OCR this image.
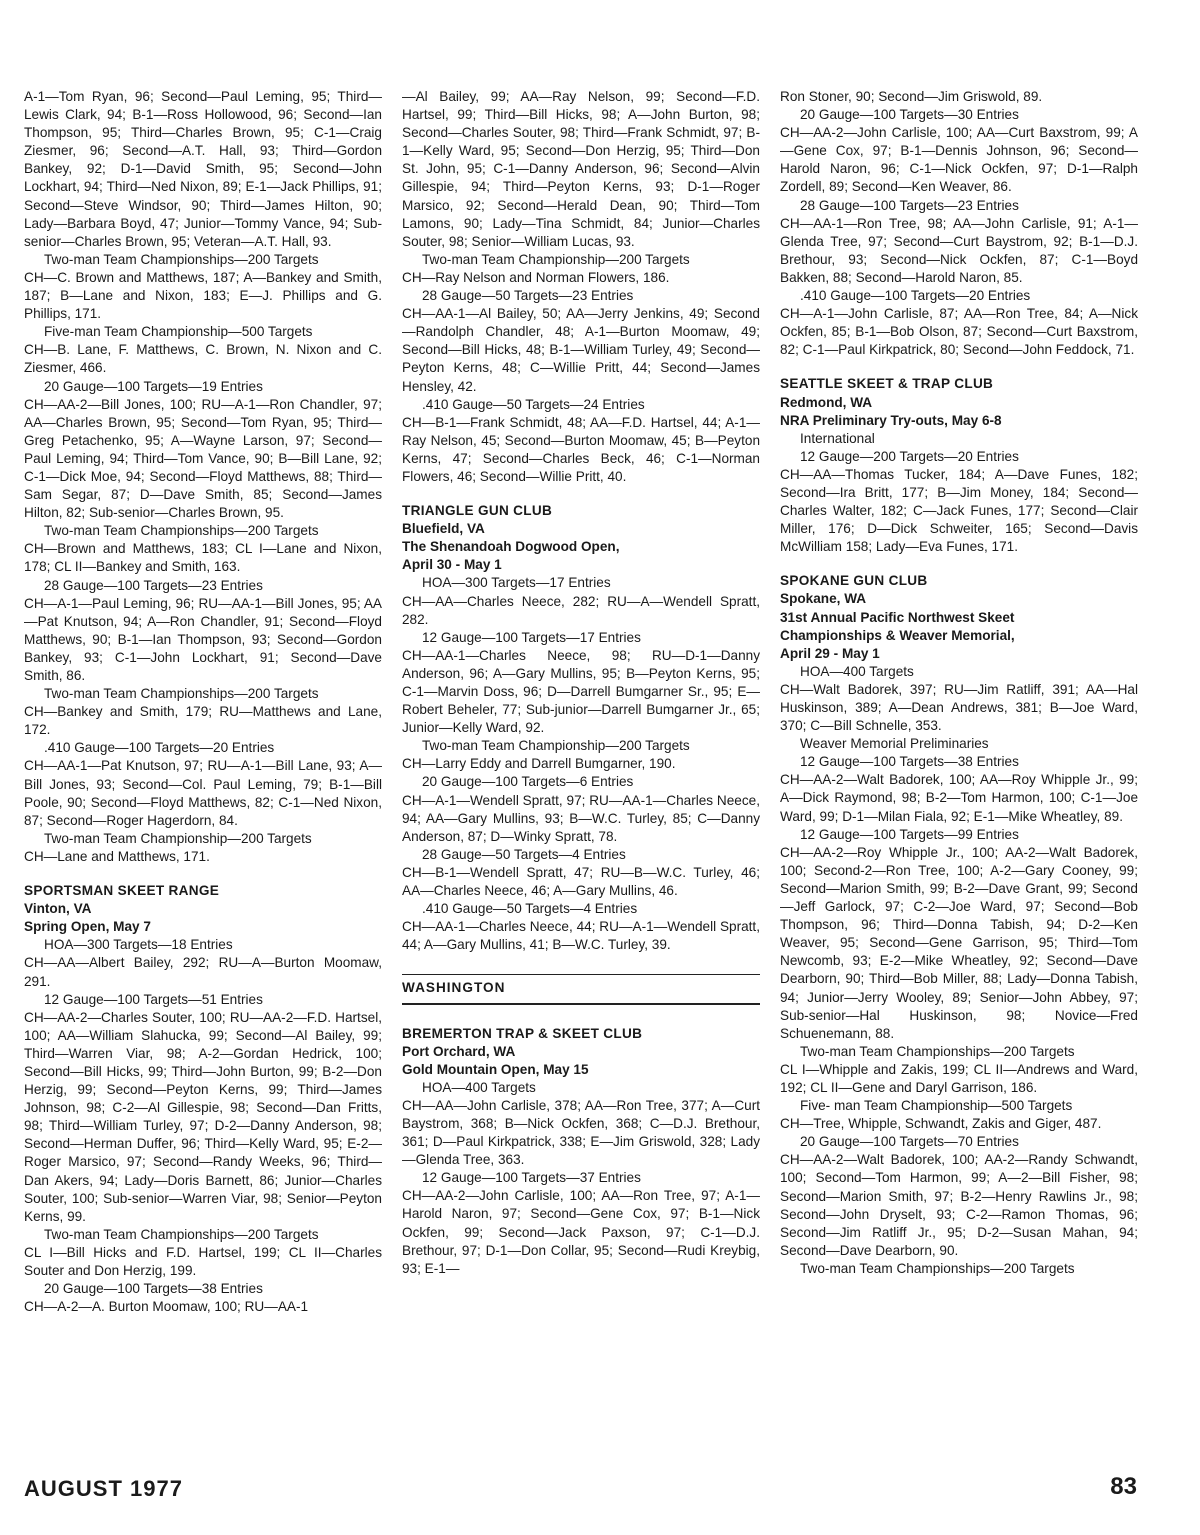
A-1—Tom Ryan, 96; Second—Paul Leming, 95; Third—Lewis Clark, 94; B-1—Ross Hollowood, 96; Second—Ian Thompson, 95; Third—Charles Brown, 95; C-1—Craig Ziesmer, 96; Second—A.T. Hall, 93; Third—Gordon Bankey, 92; D-1—David Smith, 95; Second—John Lockhart, 94; Third—Ned Nixon, 89; E-1—Jack Phillips, 91; Second—Steve Windsor, 90; Third—James Hilton, 90; Lady—Barbara Boyd, 47; Junior—Tommy Vance, 94; Sub-senior—Charles Brown, 95; Veteran—A.T. Hall, 93.

Two-man Team Championships—200 Targets

CH—C. Brown and Matthews, 187; A—Bankey and Smith, 187; B—Lane and Nixon, 183; E—J. Phillips and G. Phillips, 171.

Five-man Team Championship—500 Targets

CH—B. Lane, F. Matthews, C. Brown, N. Nixon and C. Ziesmer, 466.

20 Gauge—100 Targets—19 Entries

CH—AA-2—Bill Jones, 100; RU—A-1—Ron Chandler, 97; AA—Charles Brown, 95; Second—Tom Ryan, 95; Third—Greg Petachenko, 95; A—Wayne Larson, 97; Second—Paul Leming, 94; Third—Tom Vance, 90; B—Bill Lane, 92; C-1—Dick Moe, 94; Second—Floyd Matthews, 88; Third—Sam Segar, 87; D—Dave Smith, 85; Second—James Hilton, 82; Sub-senior—Charles Brown, 95.

Two-man Team Championships—200 Targets

CH—Brown and Matthews, 183; CL I—Lane and Nixon, 178; CL II—Bankey and Smith, 163.

28 Gauge—100 Targets—23 Entries

CH—A-1—Paul Leming, 96; RU—AA-1—Bill Jones, 95; AA—Pat Knutson, 94; A—Ron Chandler, 91; Second—Floyd Matthews, 90; B-1—Ian Thompson, 93; Second—Gordon Bankey, 93; C-1—John Lockhart, 91; Second—Dave Smith, 86.

Two-man Team Championships—200 Targets

CH—Bankey and Smith, 179; RU—Matthews and Lane, 172.

.410 Gauge—100 Targets—20 Entries

CH—AA-1—Pat Knutson, 97; RU—A-1—Bill Lane, 93; A—Bill Jones, 93; Second—Col. Paul Leming, 79; B-1—Bill Poole, 90; Second—Floyd Matthews, 82; C-1—Ned Nixon, 87; Second—Roger Hagerdorn, 84.

Two-man Team Championship—200 Targets

CH—Lane and Matthews, 171.

SPORTSMAN SKEET RANGE

Vinton, VA

Spring Open, May 7

HOA—300 Targets—18 Entries

CH—AA—Albert Bailey, 292; RU—A—Burton Moomaw, 291.

12 Gauge—100 Targets—51 Entries

CH—AA-2—Charles Souter, 100; RU—AA-2—F.D. Hartsel, 100; AA—William Slahucka, 99; Second—Al Bailey, 99; Third—Warren Viar, 98; A-2—Gordan Hedrick, 100; Second—Bill Hicks, 99; Third—John Burton, 99; B-2—Don Herzig, 99; Second—Peyton Kerns, 99; Third—James Johnson, 98; C-2—Al Gillespie, 98; Second—Dan Fritts, 98; Third—William Turley, 97; D-2—Danny Anderson, 98; Second—Herman Duffer, 96; Third—Kelly Ward, 95; E-2—Roger Marsico, 97; Second—Randy Weeks, 96; Third—Dan Akers, 94; Lady—Doris Barnett, 86; Junior—Charles Souter, 100; Sub-senior—Warren Viar, 98; Senior—Peyton Kerns, 99.

Two-man Team Championships—200 Targets

CL I—Bill Hicks and F.D. Hartsel, 199; CL II—Charles Souter and Don Herzig, 199.

20 Gauge—100 Targets—38 Entries

CH—A-2—A. Burton Moomaw, 100; RU—AA-1

—Al Bailey, 99; AA—Ray Nelson, 99; Second—F.D. Hartsel, 99; Third—Bill Hicks, 98; A—John Burton, 98; Second—Charles Souter, 98; Third—Frank Schmidt, 97; B-1—Kelly Ward, 95; Second—Don Herzig, 95; Third—Don St. John, 95; C-1—Danny Anderson, 96; Second—Alvin Gillespie, 94; Third—Peyton Kerns, 93; D-1—Roger Marsico, 92; Second—Herald Dean, 90; Third—Tom Lamons, 90; Lady—Tina Schmidt, 84; Junior—Charles Souter, 98; Senior—William Lucas, 93.

Two-man Team Championship—200 Targets

CH—Ray Nelson and Norman Flowers, 186.

28 Gauge—50 Targets—23 Entries

CH—AA-1—Al Bailey, 50; AA—Jerry Jenkins, 49; Second—Randolph Chandler, 48; A-1—Burton Moomaw, 49; Second—Bill Hicks, 48; B-1—William Turley, 49; Second—Peyton Kerns, 48; C—Willie Pritt, 44; Second—James Hensley, 42.

.410 Gauge—50 Targets—24 Entries

CH—B-1—Frank Schmidt, 48; AA—F.D. Hartsel, 44; A-1—Ray Nelson, 45; Second—Burton Moomaw, 45; B—Peyton Kerns, 47; Second—Charles Beck, 46; C-1—Norman Flowers, 46; Second—Willie Pritt, 40.

TRIANGLE GUN CLUB

Bluefield, VA

The Shenandoah Dogwood Open,

April 30 - May 1

HOA—300 Targets—17 Entries

CH—AA—Charles Neece, 282; RU—A—Wendell Spratt, 282.

12 Gauge—100 Targets—17 Entries

CH—AA-1—Charles Neece, 98; RU—D-1—Danny Anderson, 96; A—Gary Mullins, 95; B—Peyton Kerns, 95; C-1—Marvin Doss, 96; D—Darrell Bumgarner Sr., 95; E—Robert Beheler, 77; Sub-junior—Darrell Bumgarner Jr., 65; Junior—Kelly Ward, 92.

Two-man Team Championship—200 Targets

CH—Larry Eddy and Darrell Bumgarner, 190.

20 Gauge—100 Targets—6 Entries

CH—A-1—Wendell Spratt, 97; RU—AA-1—Charles Neece, 94; AA—Gary Mullins, 93; B—W.C. Turley, 85; C—Danny Anderson, 87; D—Winky Spratt, 78.

28 Gauge—50 Targets—4 Entries

CH—B-1—Wendell Spratt, 47; RU—B—W.C. Turley, 46; AA—Charles Neece, 46; A—Gary Mullins, 46.

.410 Gauge—50 Targets—4 Entries

CH—AA-1—Charles Neece, 44; RU—A-1—Wendell Spratt, 44; A—Gary Mullins, 41; B—W.C. Turley, 39.

WASHINGTON

BREMERTON TRAP & SKEET CLUB

Port Orchard, WA

Gold Mountain Open, May 15

HOA—400 Targets

CH—AA—John Carlisle, 378; AA—Ron Tree, 377; A—Curt Baystrom, 368; B—Nick Ockfen, 368; C—D.J. Brethour, 361; D—Paul Kirkpatrick, 338; E—Jim Griswold, 328; Lady—Glenda Tree, 363.

12 Gauge—100 Targets—37 Entries

CH—AA-2—John Carlisle, 100; AA—Ron Tree, 97; A-1—Harold Naron, 97; Second—Gene Cox, 97; B-1—Nick Ockfen, 99; Second—Jack Paxson, 97; C-1—D.J. Brethour, 97; D-1—Don Collar, 95; Second—Rudi Kreybig, 93; E-1—

Ron Stoner, 90; Second—Jim Griswold, 89.

20 Gauge—100 Targets—30 Entries

CH—AA-2—John Carlisle, 100; AA—Curt Baxstrom, 99; A—Gene Cox, 97; B-1—Dennis Johnson, 96; Second—Harold Naron, 96; C-1—Nick Ockfen, 97; D-1—Ralph Zordell, 89; Second—Ken Weaver, 86.

28 Gauge—100 Targets—23 Entries

CH—AA-1—Ron Tree, 98; AA—John Carlisle, 91; A-1—Glenda Tree, 97; Second—Curt Baystrom, 92; B-1—D.J. Brethour, 93; Second—Nick Ockfen, 87; C-1—Boyd Bakken, 88; Second—Harold Naron, 85.

.410 Gauge—100 Targets—20 Entries

CH—A-1—John Carlisle, 87; AA—Ron Tree, 84; A—Nick Ockfen, 85; B-1—Bob Olson, 87; Second—Curt Baxstrom, 82; C-1—Paul Kirkpatrick, 80; Second—John Feddock, 71.

SEATTLE SKEET & TRAP CLUB

Redmond, WA

NRA Preliminary Try-outs, May 6-8

International

12 Gauge—200 Targets—20 Entries

CH—AA—Thomas Tucker, 184; A—Dave Funes, 182; Second—Ira Britt, 177; B—Jim Money, 184; Second—Charles Walter, 182; C—Jack Funes, 177; Second—Clair Miller, 176; D—Dick Schweiter, 165; Second—Davis McWilliam 158; Lady—Eva Funes, 171.

SPOKANE GUN CLUB

Spokane, WA

31st Annual Pacific Northwest Skeet

Championships & Weaver Memorial,

April 29 - May 1

HOA—400 Targets

CH—Walt Badorek, 397; RU—Jim Ratliff, 391; AA—Hal Huskinson, 389; A—Dean Andrews, 381; B—Joe Ward, 370; C—Bill Schnelle, 353.

Weaver Memorial Preliminaries

12 Gauge—100 Targets—38 Entries

CH—AA-2—Walt Badorek, 100; AA—Roy Whipple Jr., 99; A—Dick Raymond, 98; B-2—Tom Harmon, 100; C-1—Joe Ward, 99; D-1—Milan Fiala, 92; E-1—Mike Wheatley, 89.

12 Gauge—100 Targets—99 Entries

CH—AA-2—Roy Whipple Jr., 100; AA-2—Walt Badorek, 100; Second-2—Ron Tree, 100; A-2—Gary Cooney, 99; Second—Marion Smith, 99; B-2—Dave Grant, 99; Second—Jeff Garlock, 97; C-2—Joe Ward, 97; Second—Bob Thompson, 96; Third—Donna Tabish, 94; D-2—Ken Weaver, 95; Second—Gene Garrison, 95; Third—Tom Newcomb, 93; E-2—Mike Wheatley, 92; Second—Dave Dearborn, 90; Third—Bob Miller, 88; Lady—Donna Tabish, 94; Junior—Jerry Wooley, 89; Senior—John Abbey, 97; Sub-senior—Hal Huskinson, 98; Novice—Fred Schuenemann, 88.

Two-man Team Championships—200 Targets

CL I—Whipple and Zakis, 199; CL II—Andrews and Ward, 192; CL II—Gene and Daryl Garrison, 186.

Five- man Team Championship—500 Targets

CH—Tree, Whipple, Schwandt, Zakis and Giger, 487.

20 Gauge—100 Targets—70 Entries

CH—AA-2—Walt Badorek, 100; AA-2—Randy Schwandt, 100; Second—Tom Harmon, 99; A—2—Bill Fisher, 98; Second—Marion Smith, 97; B-2—Henry Rawlins Jr., 98; Second—John Dryselt, 93; C-2—Ramon Thomas, 96; Second—Jim Ratliff Jr., 95; D-2—Susan Mahan, 94; Second—Dave Dearborn, 90.

Two-man Team Championships—200 Targets

AUGUST 1977	83
